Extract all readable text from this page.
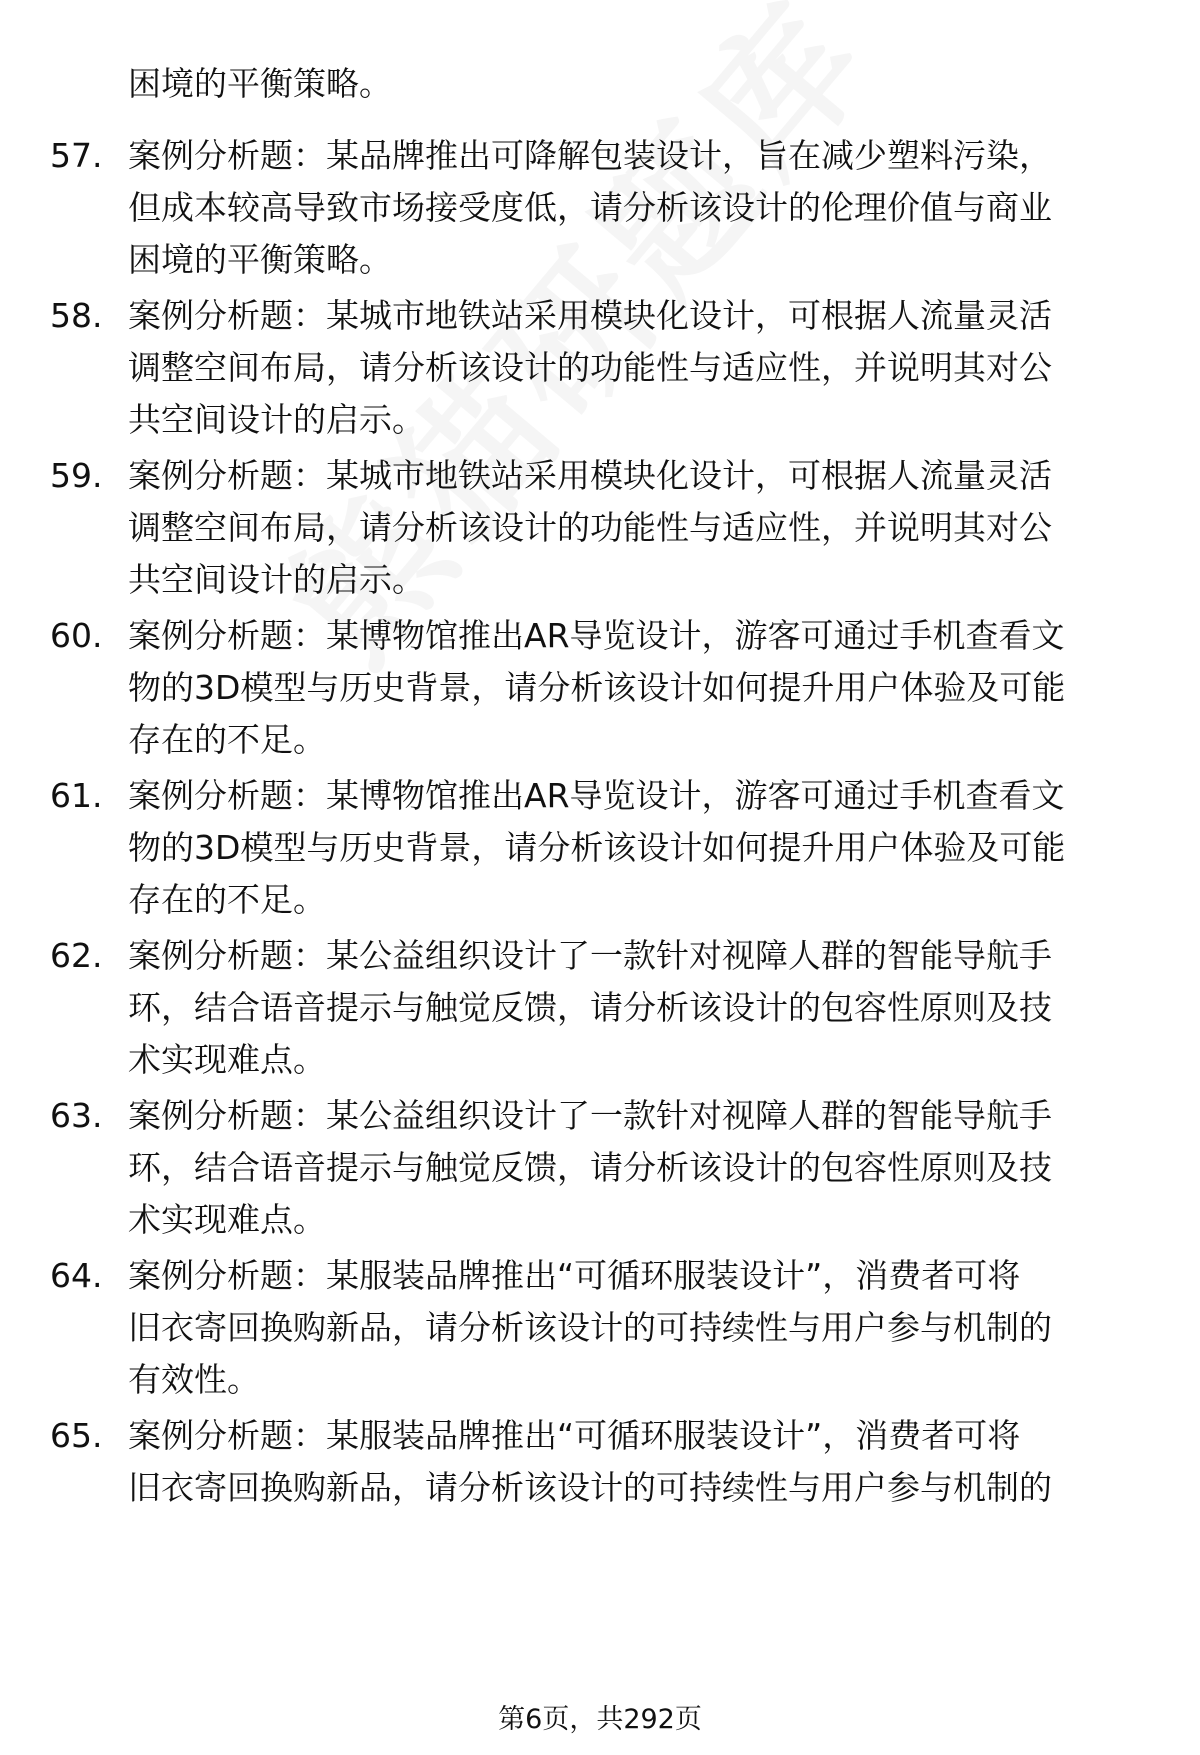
困境的平衡策略。
57. 案例分析题：某品牌推出可降解包装设计，旨在减少塑料污染，
但成本较高导致市场接受度低，请分析该设计的伦理价值与商业
困境的平衡策略。
58. 案例分析题：某城市地铁站采用模块化设计，可根据人流量灵活
调整空间布局，请分析该设计的功能性与适应性，并说明其对公
共空间设计的启示。
59. 案例分析题：某城市地铁站采用模块化设计，可根据人流量灵活
调整空间布局，请分析该设计的功能性与适应性，并说明其对公
共空间设计的启示。
60. 案例分析题：某博物馆推出AR导览设计，游客可通过手机查看文
物的3D模型与历史背景，请分析该设计如何提升用户体验及可能
存在的不足。
61. 案例分析题：某博物馆推出AR导览设计，游客可通过手机查看文
物的3D模型与历史背景，请分析该设计如何提升用户体验及可能
存在的不足。
62. 案例分析题：某公益组织设计了一款针对视障人群的智能导航手
环，结合语音提示与触觉反馈，请分析该设计的包容性原则及技
术实现难点。
63. 案例分析题：某公益组织设计了一款针对视障人群的智能导航手
环，结合语音提示与触觉反馈，请分析该设计的包容性原则及技
术实现难点。
64. 案例分析题：某服装品牌推出“可循环服装设计”，消费者可将
旧衣寄回换购新品，请分析该设计的可持续性与用户参与机制的
有效性。
65. 案例分析题：某服装品牌推出“可循环服装设计”，消费者可将
旧衣寄回换购新品，请分析该设计的可持续性与用户参与机制的
第6页，共292页
